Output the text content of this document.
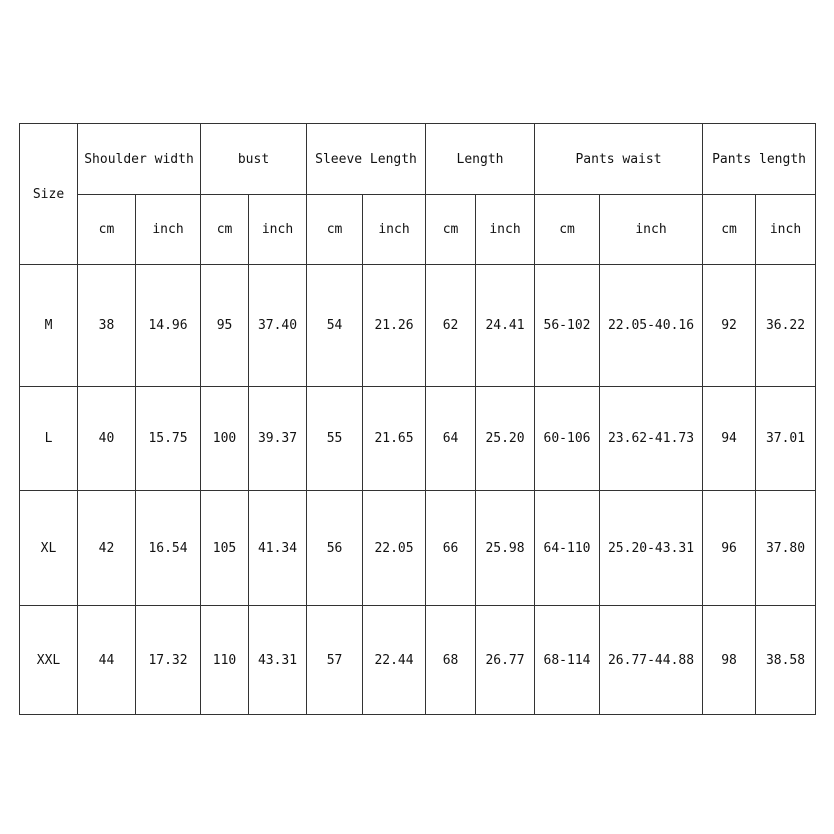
Size	Shoulder width		bust		Sleeve Length		Length		Pants waist		Pants length	
	cm	inch	cm	inch	cm	inch	cm	inch	cm	inch	cm	inch
M	38	14.96	95	37.40	54	21.26	62	24.41	56-102	22.05-40.16	92	36.22
L	40	15.75	100	39.37	55	21.65	64	25.20	60-106	23.62-41.73	94	37.01
XL	42	16.54	105	41.34	56	22.05	66	25.98	64-110	25.20-43.31	96	37.80
XXL	44	17.32	110	43.31	57	22.44	68	26.77	68-114	26.77-44.88	98	38.58
